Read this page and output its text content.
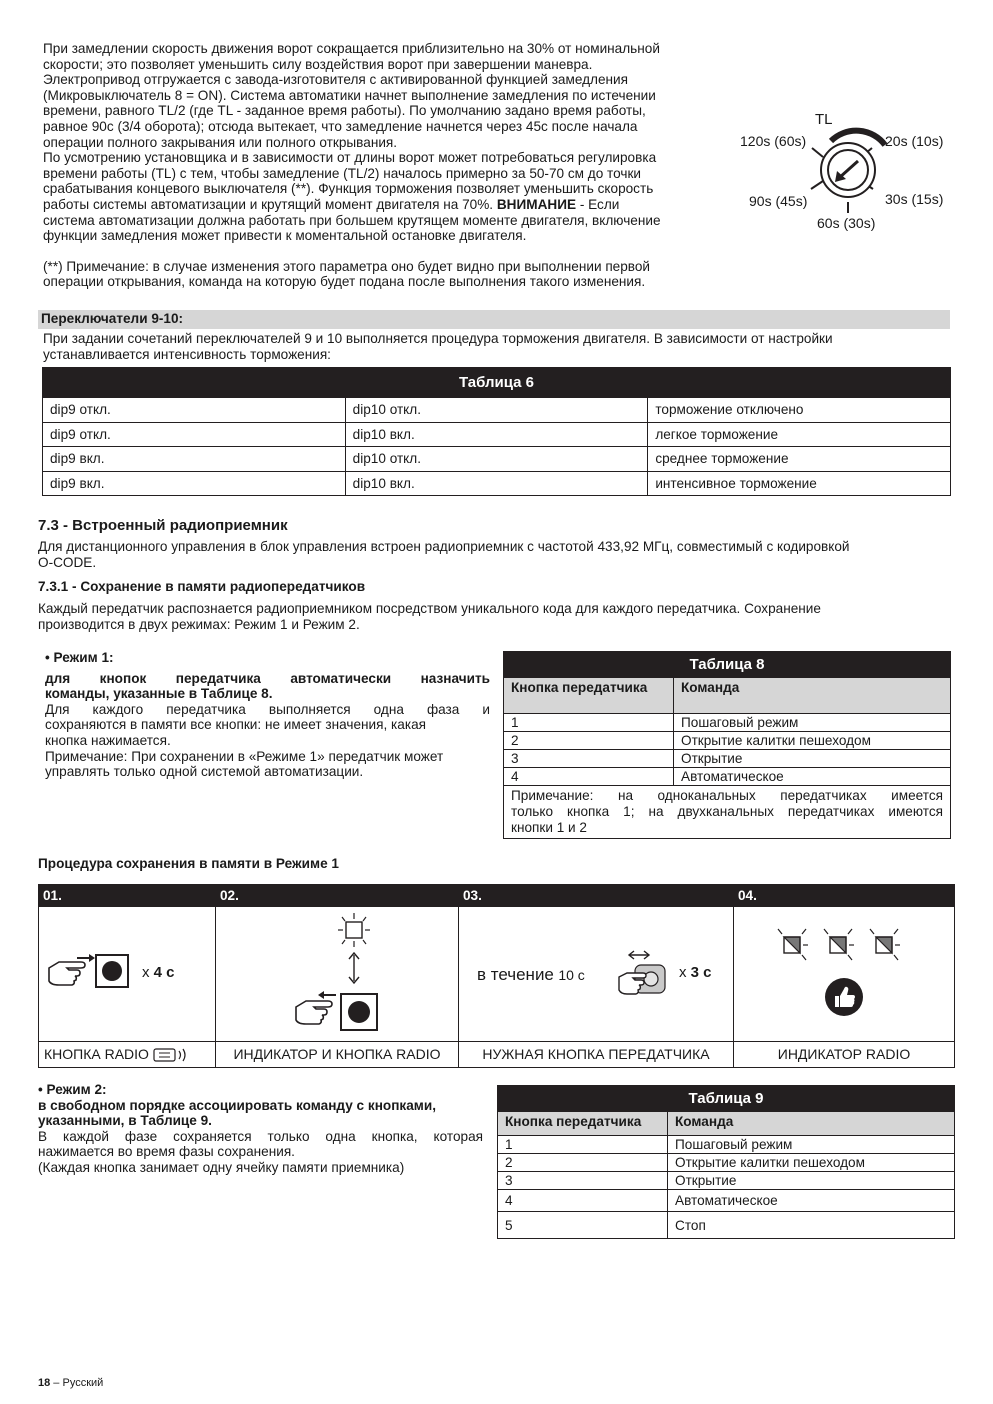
При замедлении скорость движения ворот сокращается приблизительно на 30% от номинальной

скорости; это позволяет уменьшить силу воздействия ворот при завершении маневра.

Электропривод отгружается с завода-изготовителя с активированной функцией замедления

(Микровыключатель 8 = ON). Система автоматики начнет выполнение замедления по истечении

времени, равного TL/2 (где TL - заданное время работы). По умолчанию задано время работы,

равное 90с (3/4 оборота); отсюда вытекает, что замедление начнется через 45с после начала

операции полного закрывания или полного открывания.

По усмотрению установщика и в зависимости от длины ворот может потребоваться регулировка

времени работы (TL) с тем, чтобы замедление (TL/2) началось примерно за 50-70 см до точки

срабатывания концевого выключателя (**). Функция торможения позволяет уменьшить скорость

работы системы автоматизации и крутящий момент двигателя на 70%. ВНИМАНИЕ - Если

система автоматизации должна работать при большем крутящем моменте двигателя, включение

функции замедления может привести к моментальной остановке двигателя.

(**) Примечание: в случае изменения этого параметра оно будет видно при выполнении первой

операции открывания, команда на которую будет подана после выполнения такого изменения.

TL
120s (60s)	20s (10s)
90s (45s)	30s (15s)
60s (30s)
Переключатели 9-10:

При задании сочетаний переключателей 9 и 10 выполняется процедура торможения двигателя. В зависимости от настройки

устанавливается интенсивность торможения:

Таблица 6		
dip9 откл.	dip10 откл.	торможение отключено
dip9 откл.	dip10 вкл.	легкое торможение
dip9 вкл.	dip10 откл.	среднее торможение
dip9 вкл.	dip10 вкл.	интенсивное торможение
7.3 - Встроенный радиоприемник

Для дистанционного управления в блок управления встроен радиоприемник с частотой 433,92 МГц, совместимый с кодировкой

O-CODE.

7.3.1 - Сохранение в памяти радиопередатчиков

Каждый передатчик распознается радиоприемником посредством уникального кода для каждого передатчика. Сохранение

производится в двух режимах: Режим 1 и Режим 2.

• Режим 1:

для кнопок передатчика автоматически назначить

команды, указанные в Таблице 8.

Для каждого передатчика выполняется одна фаза и

сохраняются в памяти все кнопки: не имеет значения, какая

кнопка нажимается.

Примечание: При сохранении в «Режиме 1» передатчик может

управлять только одной системой автоматизации.

Таблица 8	
Кнопка передатчика	Команда
1	Пошаговый режим
2	Открытие калитки пешеходом
3	Открытие
4	Автоматическое

Примечание: на одноканальных передатчиках имеется
только кнопка 1; на двухканальных передатчиках имеются
кнопки 1 и 2	
Процедура сохранения в памяти в Режиме 1
01.
x 4 с
КНОПКА RADIO
02.
ИНДИКАТОР И КНОПКА RADIO
03.
в течение 10 с	x 3 с
НУЖНАЯ КНОПКА ПЕРЕДАТЧИКА
04.
ИНДИКАТОР RADIO

• Режим 2:

в свободном порядке ассоциировать команду с кнопками,

указанными, в Таблице 9.

В каждой фазе сохраняется только одна кнопка, которая

нажимается во время фазы сохранения.

(Каждая кнопка занимает одну ячейку памяти приемника)

Таблица 9	
Кнопка передатчика	Команда
1	Пошаговый режим
2	Открытие калитки пешеходом
3	Открытие
4	Автоматическое
5	Стоп
18 – Русский
